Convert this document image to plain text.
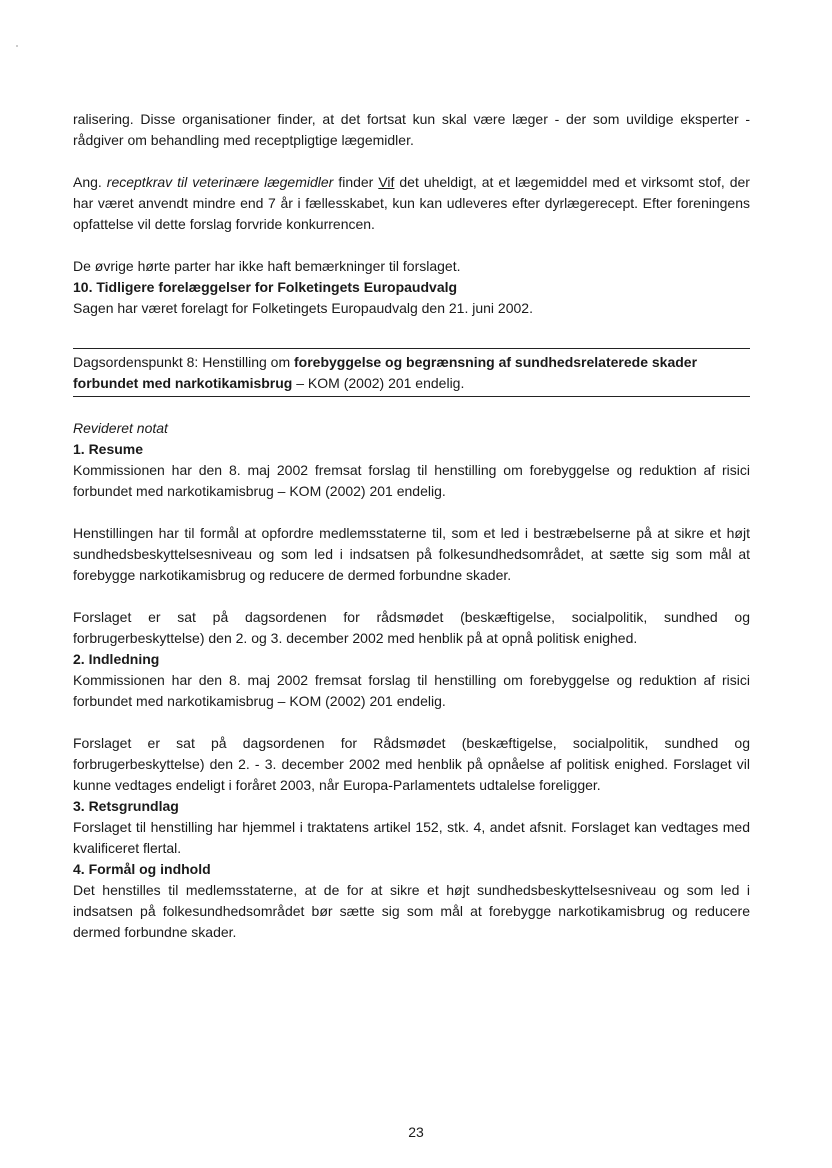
ralisering. Disse organisationer finder, at det fortsat kun skal være læger - der som uvildige eksperter - rådgiver om behandling med receptpligtige lægemidler.

Ang. receptkrav til veterinære lægemidler finder Vif det uheldigt, at et lægemiddel med et virksomt stof, der har været anvendt mindre end 7 år i fællesskabet, kun kan udleveres efter dyrlægerecept. Efter foreningens opfattelse vil dette forslag forvride konkurrencen.

De øvrige hørte parter har ikke haft bemærkninger til forslaget.

10. Tidligere forelæggelser for Folketingets Europaudvalg

Sagen har været forelagt for Folketingets Europaudvalg den 21. juni 2002.

Dagsordenspunkt 8: Henstilling om forebyggelse og begrænsning af sundhedsrelaterede skader forbundet med narkotikamisbrug – KOM (2002) 201 endelig.

Revideret notat

1. Resume

Kommissionen har den 8. maj 2002 fremsat forslag til henstilling om forebyggelse og reduktion af risici forbundet med narkotikamisbrug – KOM (2002) 201 endelig.

Henstillingen har til formål at opfordre medlemsstaterne til, som et led i bestræbelserne på at sikre et højt sundhedsbeskyttelsesniveau og som led i indsatsen på folkesundhedsområdet, at sætte sig som mål at forebygge narkotikamisbrug og reducere de dermed forbundne skader.

Forslaget er sat på dagsordenen for rådsmødet (beskæftigelse, socialpolitik, sundhed og forbrugerbeskyttelse) den 2. og 3. december 2002 med henblik på at opnå politisk enighed.

2. Indledning

Kommissionen har den 8. maj 2002 fremsat forslag til henstilling om forebyggelse og reduktion af risici forbundet med narkotikamisbrug – KOM (2002) 201 endelig.

Forslaget er sat på dagsordenen for Rådsmødet (beskæftigelse, socialpolitik, sundhed og forbrugerbeskyttelse) den 2. - 3. december 2002 med henblik på opnåelse af politisk enighed. Forslaget vil kunne vedtages endeligt i foråret 2003, når Europa-Parlamentets udtalelse foreligger.

3. Retsgrundlag

Forslaget til henstilling har hjemmel i traktatens artikel 152, stk. 4, andet afsnit. Forslaget kan vedtages med kvalificeret flertal.

4. Formål og indhold

Det henstilles til medlemsstaterne, at de for at sikre et højt sundhedsbeskyttelsesniveau og som led i indsatsen på folkesundhedsområdet bør sætte sig som mål at forebygge narkotikamisbrug og reducere dermed forbundne skader.

23
